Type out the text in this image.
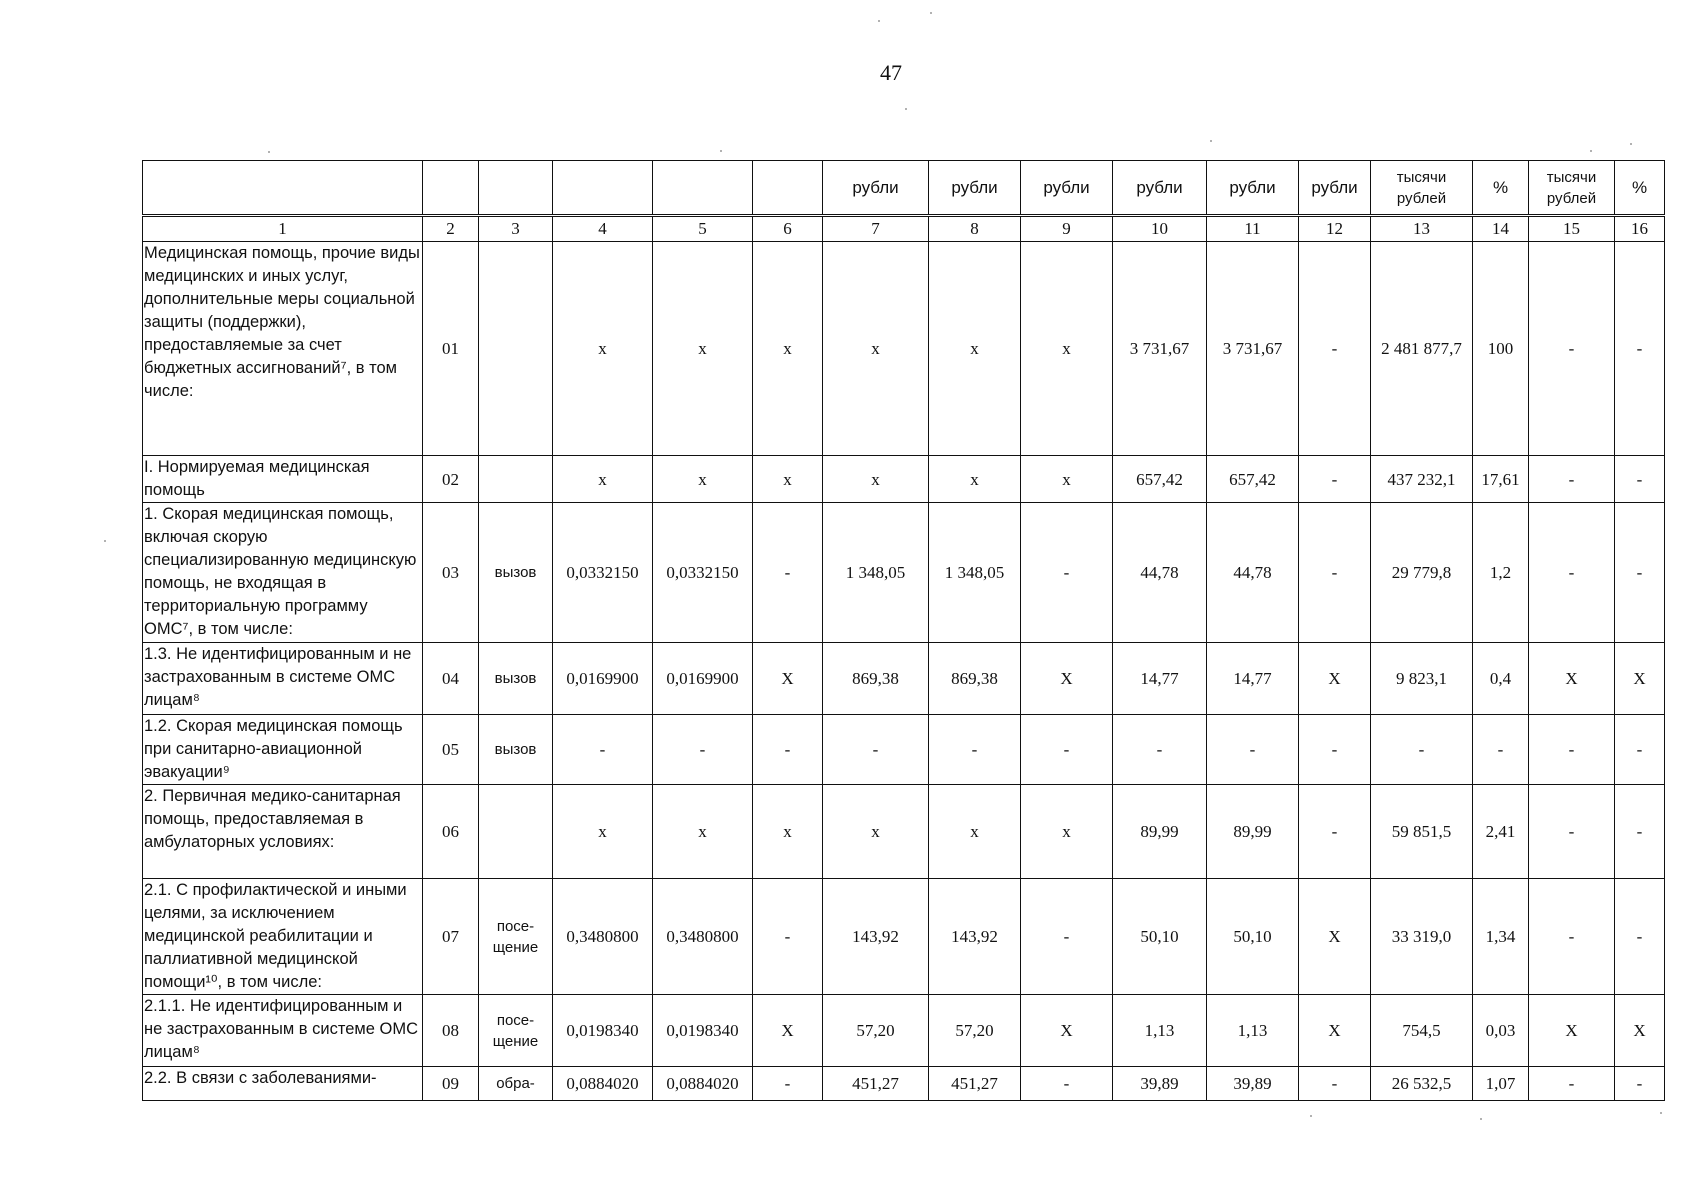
47
						рубли	рубли	рубли	рубли	рубли	рубли	тысячи рублей	%	тысячи рублей	%
1	2	3	4	5	6	7	8	9	10	11	12	13	14	15	16
Медицинская помощь, прочие виды медицинских и иных услуг, дополнительные меры социальной защиты (поддержки), предоставляемые за счет бюджетных ассигнований⁷, в том числе:	01		х	х	х	х	х	х	3 731,67	3 731,67	-	2 481 877,7	100	-	-
I. Нормируемая медицинская помощь	02		х	х	х	х	х	х	657,42	657,42	-	437 232,1	17,61	-	-
1. Скорая медицинская помощь, включая скорую специализированную медицинскую помощь, не входящая в территориальную программу ОМС⁷, в том числе:	03	вызов	0,0332150	0,0332150	-	1 348,05	1 348,05	-	44,78	44,78	-	29 779,8	1,2	-	-
1.3. Не идентифицированным и не застрахованным в системе ОМС лицам⁸	04	вызов	0,0169900	0,0169900	Х	869,38	869,38	Х	14,77	14,77	Х	9 823,1	0,4	Х	Х
1.2. Скорая медицинская помощь при санитарно-авиационной эвакуации⁹	05	вызов	-	-	-	-	-	-	-	-	-	-	-	-	-
2. Первичная медико-санитарная помощь, предоставляемая в амбулаторных условиях:	06		х	х	х	х	х	х	89,99	89,99	-	59 851,5	2,41	-	-
2.1. С профилактической и иными целями, за исключением медицинской реабилитации и паллиативной медицинской помощи¹⁰, в том числе:	07	посе-щение	0,3480800	0,3480800	-	143,92	143,92	-	50,10	50,10	Х	33 319,0	1,34	-	-
2.1.1. Не идентифицированным и не застрахованным в системе ОМС лицам⁸	08	посе-щение	0,0198340	0,0198340	Х	57,20	57,20	Х	1,13	1,13	Х	754,5	0,03	Х	Х
2.2. В связи с заболеваниями-	09	обра-	0,0884020	0,0884020	-	451,27	451,27	-	39,89	39,89	-	26 532,5	1,07	-	-
